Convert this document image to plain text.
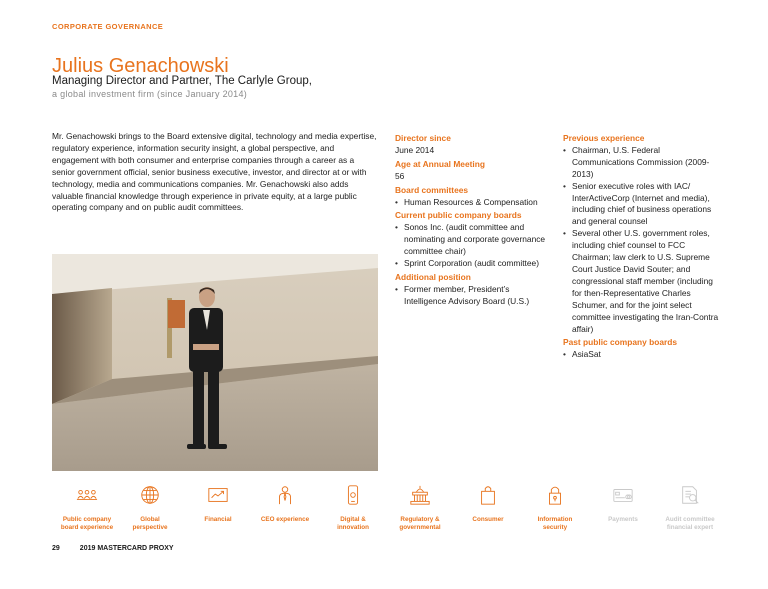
CORPORATE GOVERNANCE
Julius Genachowski
Managing Director and Partner, The Carlyle Group,
a global investment firm (since January 2014)

Mr. Genachowski brings to the Board extensive digital, technology and media expertise, regulatory experience, information security insight, a global perspective, and engagement with both consumer and enterprise companies through a career as a senior government official, senior business executive, investor, and director at or with technology, media and communications companies. Mr. Genachowski also adds valuable financial knowledge through experience in private equity, at a large public operating company and on public audit committees.

Director since
June 2014
Age at Annual Meeting
56
Board committees
• Human Resources & Compensation
Current public company boards
• Sonos Inc. (audit committee and nominating and corporate governance committee chair)
• Sprint Corporation (audit committee)
Additional position
• Former member, President’s Intelligence Advisory Board (U.S.)
Previous experience
• Chairman, U.S. Federal Communications Commission (2009-2013)
• Senior executive roles with IAC/ InterActiveCorp (Internet and media), including chief of business operations and general counsel
• Several other U.S. government roles, including chief counsel to FCC Chairman; law clerk to U.S. Supreme Court Justice David Souter; and congressional staff member (including for then-Representative Charles Schumer, and for the joint select committee investigating the Iran-Contra affair)
Past public company boards
• AsiaSat
Public company
board experience
Global
perspective
Financial	CEO experience	Digital &
innovation
Regulatory &
governmental
Consumer	Information
security
Payments	Audit committee
financial expert
29	2019 MASTERCARD PROXY
